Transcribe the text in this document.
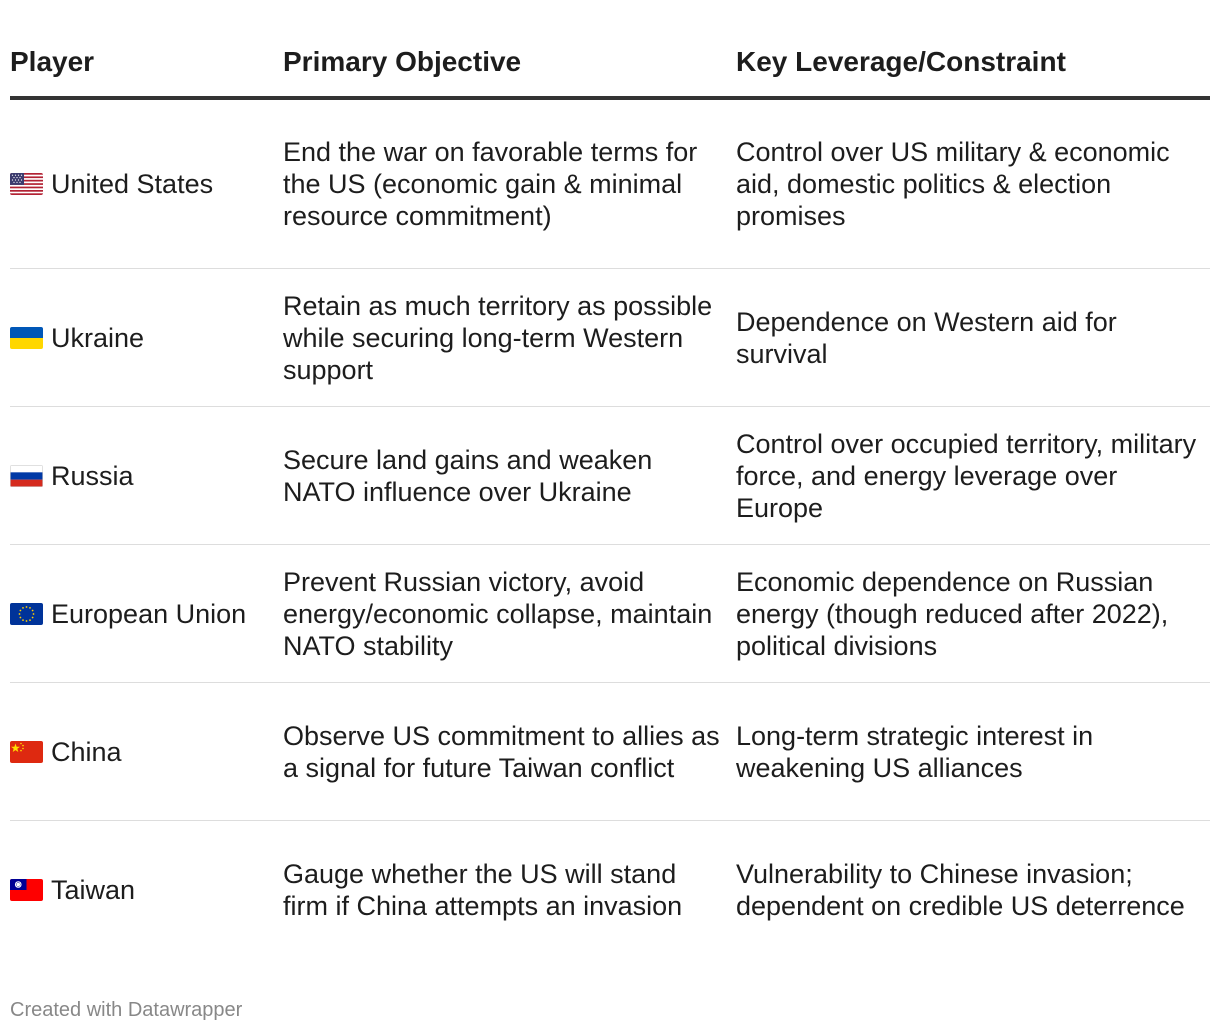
Player	Primary Objective	Key Leverage/Constraint

United States	End the war on favorable terms for the US (economic gain & minimal resource commitment)	Control over US military & economic aid, domestic politics & election promises

Ukraine	Retain as much territory as possible while securing long-term Western support	Dependence on Western aid for survival

Russia	Secure land gains and weaken NATO influence over Ukraine	Control over occupied territory, military force, and energy leverage over Europe

European Union	Prevent Russian victory, avoid energy/economic collapse, maintain NATO stability	Economic dependence on Russian energy (though reduced after 2022), political divisions

China	Observe US commitment to allies as a signal for future Taiwan conflict	Long-term strategic interest in weakening US alliances

Taiwan	Gauge whether the US will stand firm if China attempts an invasion	Vulnerability to Chinese invasion; dependent on credible US deterrence
Created with Datawrapper
